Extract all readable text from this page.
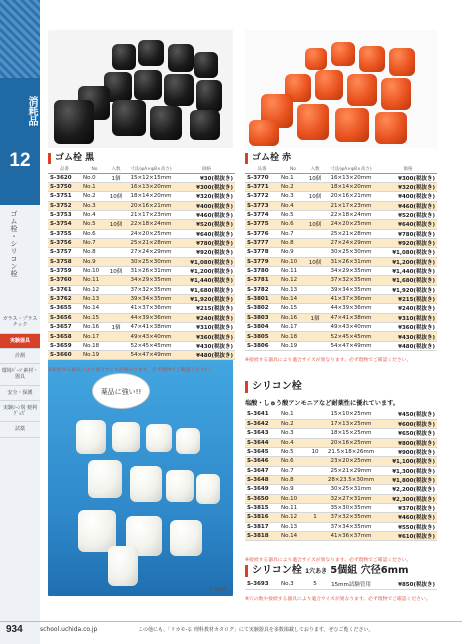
消耗品
12
ゴム栓・シリコン栓
ガラス・プラスチック
実験器具
計測
環境ﾊﾟｰﾂ 素材・器具
安全・保護
実験ｼｰﾝ別 便利ｸﾞｯｽﾞ
試薬
薬品に強い!!
S-3693
ゴム栓 黒
品番	No	入数	寸法(φA×φB×高さ)	価格
S-3620	No.0	1個	15×12×15mm	¥30(税抜き)
S-3750	No.1		16×13×20mm	¥300(税抜き)
S-3751	No.2	10個	18×14×20mm	¥320(税抜き)
S-3752	No.3		20×16×21mm	¥400(税抜き)
S-3753	No.4		21×17×23mm	¥460(税抜き)
S-3754	No.5	10個	22×18×24mm	¥520(税抜き)
S-3755	No.6		24×20×25mm	¥640(税抜き)
S-3756	No.7		25×21×28mm	¥780(税抜き)
S-3757	No.8		27×24×29mm	¥920(税抜き)
S-3758	No.9		30×25×30mm	¥1,080(税抜き)
S-3759	No.10	10個	31×26×31mm	¥1,200(税抜き)
S-3760	No.11		34×29×35mm	¥1,440(税抜き)
S-3761	No.12		37×32×35mm	¥1,680(税抜き)
S-3762	No.13		39×34×35mm	¥1,920(税抜き)
S-3655	No.14		41×37×36mm	¥215(税抜き)
S-3656	No.15		44×39×36mm	¥240(税抜き)
S-3657	No.16	1個	47×41×38mm	¥310(税抜き)
S-3658	No.17		49×43×40mm	¥360(税抜き)
S-3659	No.18		52×45×45mm	¥430(税抜き)
S-3660	No.19		54×47×49mm	¥480(税抜き)
※接続する器具により適合サイズが異なります。必ず現物でご確認ください。
ゴム栓 赤
品番	No	入数	寸法(φA×φB×高さ)	価格
S-3770	No.1	10個	16×13×20mm	¥300(税抜き)
S-3771	No.2		18×14×20mm	¥320(税抜き)
S-3772	No.3	10個	20×16×21mm	¥400(税抜き)
S-3773	No.4		21×17×23mm	¥460(税抜き)
S-3774	No.5		22×18×24mm	¥520(税抜き)
S-3775	No.6	10個	24×20×25mm	¥640(税抜き)
S-3776	No.7		25×21×28mm	¥780(税抜き)
S-3777	No.8		27×24×29mm	¥920(税抜き)
S-3778	No.9		30×25×30mm	¥1,080(税抜き)
S-3779	No.10	10個	31×26×31mm	¥1,200(税抜き)
S-3780	No.11		34×29×35mm	¥1,440(税抜き)
S-3781	No.12		37×32×35mm	¥1,680(税抜き)
S-3782	No.13		39×34×35mm	¥1,920(税抜き)
S-3801	No.14		41×37×36mm	¥215(税抜き)
S-3802	No.15		44×39×36mm	¥240(税抜き)
S-3803	No.16	1個	47×41×38mm	¥310(税抜き)
S-3804	No.17		49×43×40mm	¥360(税抜き)
S-3805	No.18		52×45×45mm	¥430(税抜き)
S-3806	No.19		54×47×49mm	¥480(税抜き)
※接続する器具により適合サイズが異なります。必ず現物でご確認ください。
シリコン栓
塩酸・しゅう酸アンモニアなど耐薬性に優れています。
S-3641	No.1		15×10×25mm	¥450(税抜き)
S-3642	No.2		17×13×25mm	¥600(税抜き)
S-3643	No.3		18×15×25mm	¥650(税抜き)
S-3644	No.4		20×16×25mm	¥800(税抜き)
S-3645	No.5	10	21.5×18×26mm	¥900(税抜き)
S-3646	No.6		23×20×25mm	¥1,100(税抜き)
S-3647	No.7		25×21×29mm	¥1,300(税抜き)
S-3648	No.8		28×23.5×30mm	¥1,800(税抜き)
S-3649	No.9		30×25×31mm	¥2,200(税抜き)
S-3650	No.10		32×27×31mm	¥2,300(税抜き)
S-3815	No.11		35×30×35mm	¥370(税抜き)
S-3816	No.12	1	37×32×35mm	¥460(税抜き)
S-3817	No.13		37×34×35mm	¥550(税抜き)
S-3818	No.14		41×36×37mm	¥610(税抜き)
※接続する器具により適合サイズが異なります。必ず現物でご確認ください。
シリコン栓 1穴あき 5個組 穴径6mm
S-3693	No.3	5	15mm試験管用	¥850(税抜き)
※穴の数や接続する器具により適合サイズが異なります。必ず現物でご確認ください。
934	school.uchida.co.jp	この他にも、「リカモ-る 理科教材カタログ」にて実験器具を多数掲載しております。ぜひご覧ください。
